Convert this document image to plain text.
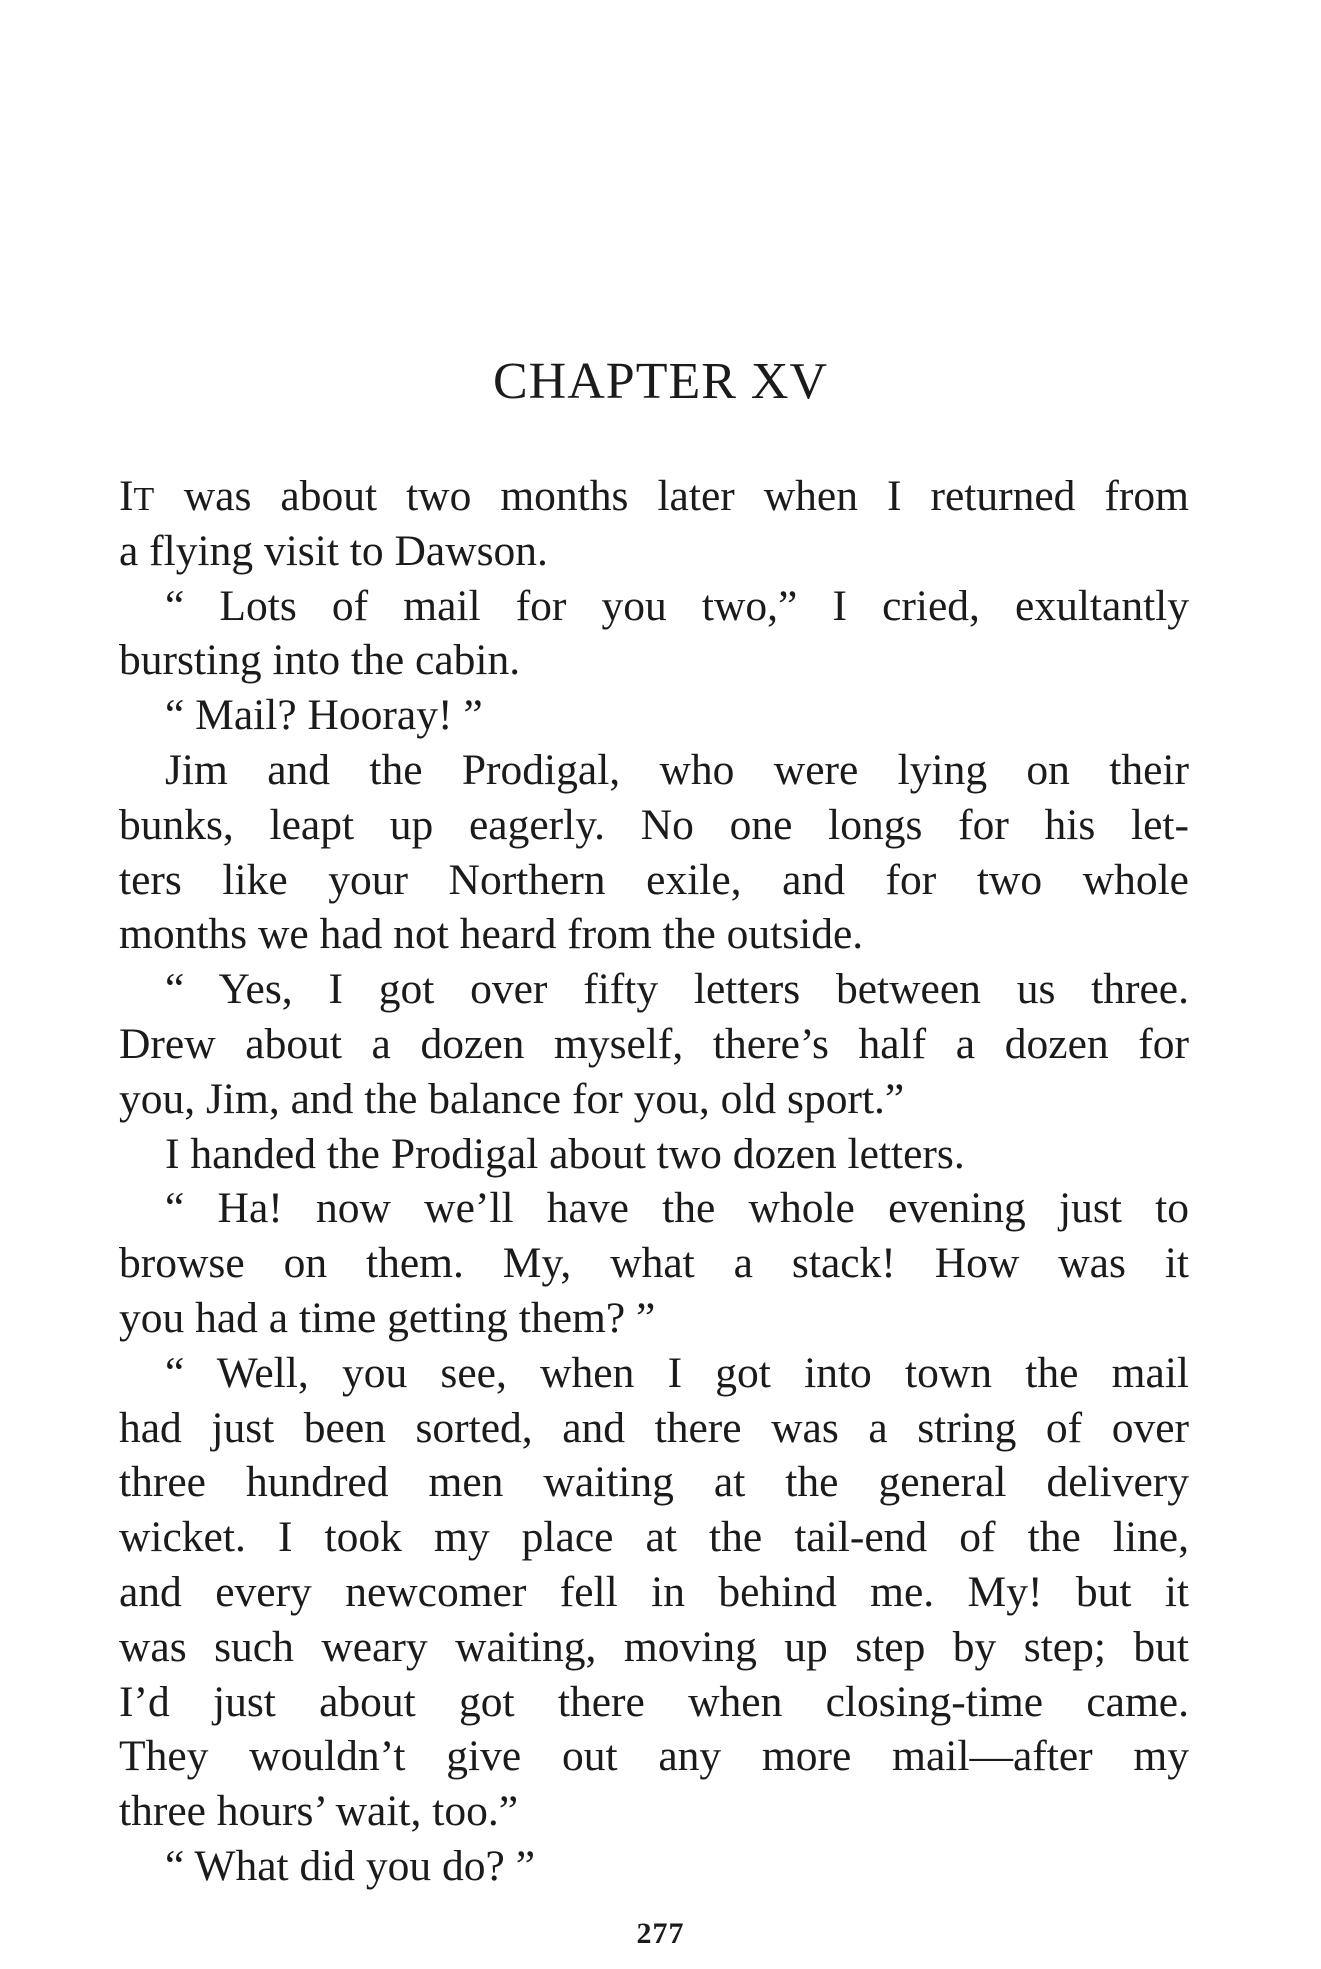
CHAPTER XV
IT was about two months later when I returned from
a flying visit to Dawson.
“ Lots of mail for you two,” I cried, exultantly
bursting into the cabin.
“ Mail? Hooray! ”
Jim and the Prodigal, who were lying on their
bunks, leapt up eagerly. No one longs for his let-
ters like your Northern exile, and for two whole
months we had not heard from the outside.
“ Yes, I got over fifty letters between us three.
Drew about a dozen myself, there’s half a dozen for
you, Jim, and the balance for you, old sport.”
I handed the Prodigal about two dozen letters.
“ Ha! now we’ll have the whole evening just to
browse on them. My, what a stack! How was it
you had a time getting them? ”
“ Well, you see, when I got into town the mail
had just been sorted, and there was a string of over
three hundred men waiting at the general delivery
wicket. I took my place at the tail-end of the line,
and every newcomer fell in behind me. My! but it
was such weary waiting, moving up step by step; but
I’d just about got there when closing-time came.
They wouldn’t give out any more mail—after my
three hours’ wait, too.”
“ What did you do? ”
277
